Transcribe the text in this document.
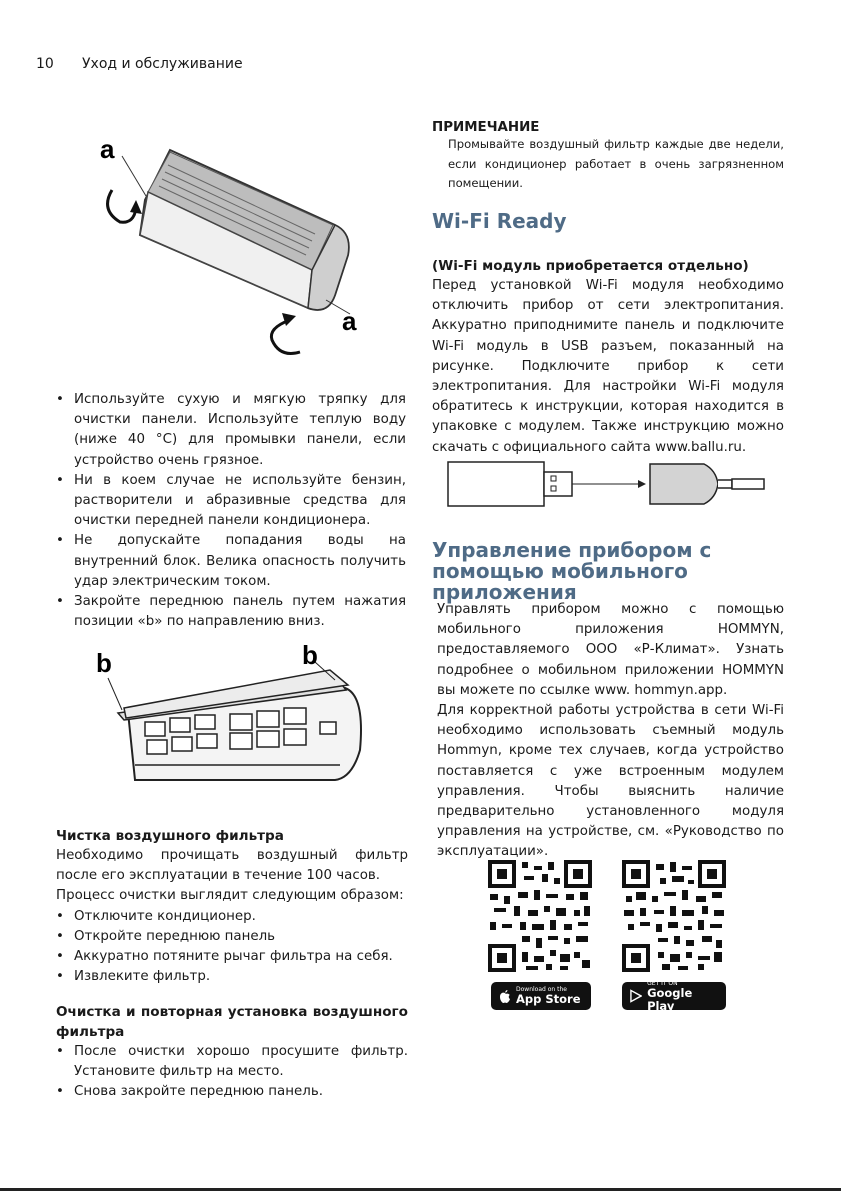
10 Уход и обслуживание
a
a
• Используйте сухую и мягкую тряпку для очистки панели. Используйте теплую воду (ниже 40 °C) для промывки панели, если устройство очень грязное.
• Ни в коем случае не используйте бензин, растворители и абразивные средства для очистки передней панели кондиционера.
• Не допускайте попадания воды на внутренний блок. Велика опасность получить удар электрическим током.
• Закройте переднюю панель путем нажатия позиции «b» по направлению вниз.
b	b
Чистка воздушного фильтра
Необходимо прочищать воздушный фильтр после его эксплуатации в течение 100 часов.
Процесс очистки выглядит следующим образом:
• Отключите кондиционер.
• Откройте переднюю панель
• Аккуратно потяните рычаг фильтра на себя.
• Извлеките фильтр.
Очистка и повторная установка воздушного фильтра
• После очистки хорошо просушите фильтр. Установите фильтр на место.
• Снова закройте переднюю панель.
ПРИМЕЧАНИЕ
Промывайте воздушный фильтр каждые две недели, если кондиционер работает в очень загрязненном помещении.
Wi-Fi Ready
(Wi-Fi модуль приобретается отдельно)
Перед установкой Wi-Fi модуля необходимо отключить прибор от сети электропитания. Аккуратно приподнимите панель и подключите Wi-Fi модуль в USB разъем, показанный на рисунке. Подключите прибор к сети электропитания. Для настройки Wi-Fi модуля обратитесь к инструкции, которая находится в упаковке с модулем. Также инструкцию можно скачать с официального сайта www.ballu.ru.
Управление прибором с помощью мобильного приложения
Управлять прибором можно с помощью мобильного приложения HOMMYN, предоставляемого ООО «Р-Климат». Узнать подробнее о мобильном приложении HOMMYN вы можете по ссылке www. hommyn.app.
Для корректной работы устройства в сети Wi-Fi необходимо использовать съемный модуль Hommyn, кроме тех случаев, когда устройство поставляется с уже встроенным модулем управления. Чтобы выяснить наличие предварительно установленного модуля управления на устройстве, см. «Руководство по эксплуатации».
Download on the
App Store
GET IT ON
Google Play
